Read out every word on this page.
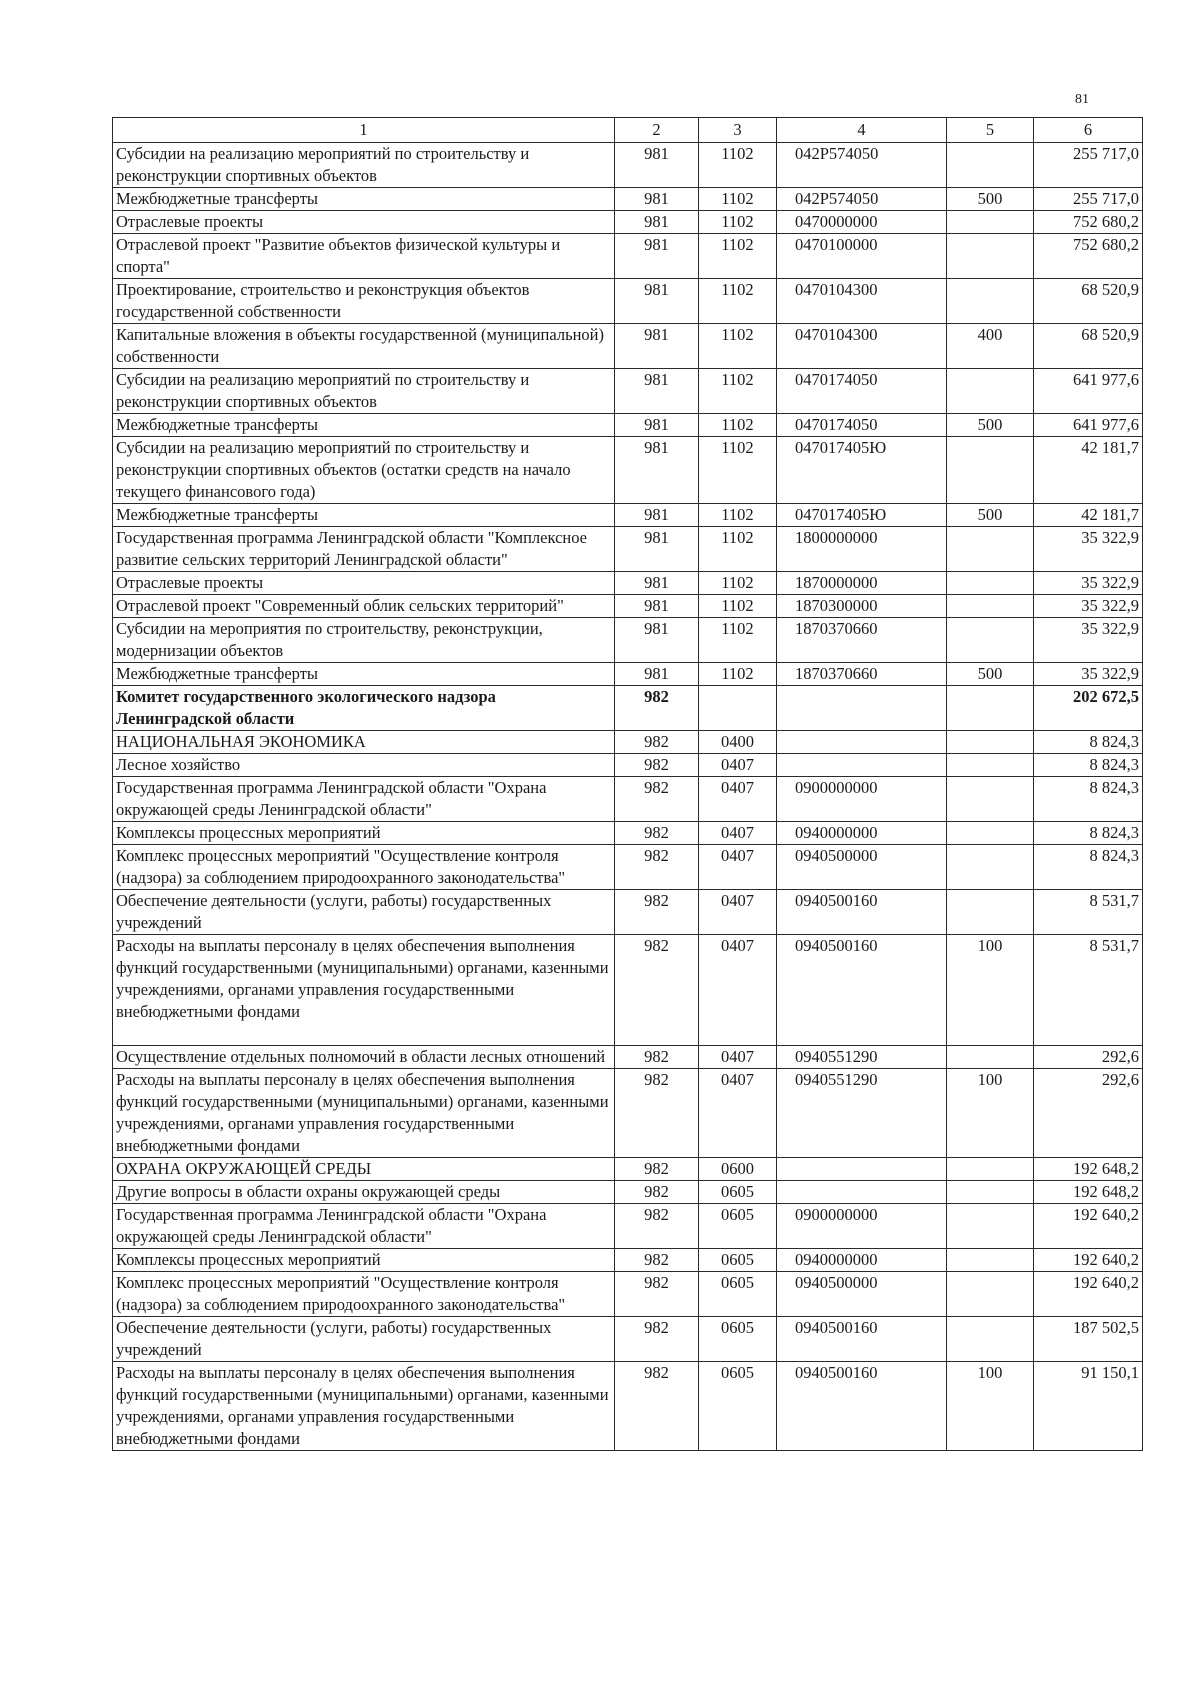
81
1	2	3	4	5	6
Субсидии на реализацию мероприятий по строительству и реконструкции спортивных объектов	981	1102	042P574050		255 717,0
Межбюджетные трансферты	981	1102	042P574050	500	255 717,0
Отраслевые проекты	981	1102	0470000000		752 680,2
Отраслевой проект "Развитие объектов физической культуры и спорта"	981	1102	0470100000		752 680,2
Проектирование, строительство и реконструкция объектов государственной собственности	981	1102	0470104300		68 520,9
Капитальные вложения в объекты государственной (муниципальной) собственности	981	1102	0470104300	400	68 520,9
Субсидии на реализацию мероприятий по строительству и реконструкции спортивных объектов	981	1102	0470174050		641 977,6
Межбюджетные трансферты	981	1102	0470174050	500	641 977,6
Субсидии на реализацию мероприятий по строительству и реконструкции спортивных объектов (остатки средств на начало текущего финансового года)	981	1102	047017405Ю		42 181,7
Межбюджетные трансферты	981	1102	047017405Ю	500	42 181,7
Государственная программа Ленинградской области "Комплексное развитие сельских территорий Ленинградской области"	981	1102	1800000000		35 322,9
Отраслевые проекты	981	1102	1870000000		35 322,9
Отраслевой проект "Современный облик сельских территорий"	981	1102	1870300000		35 322,9
Субсидии на мероприятия по строительству, реконструкции, модернизации объектов	981	1102	1870370660		35 322,9
Межбюджетные трансферты	981	1102	1870370660	500	35 322,9
Комитет государственного экологического надзора Ленинградской области	982				202 672,5
НАЦИОНАЛЬНАЯ ЭКОНОМИКА	982	0400			8 824,3
Лесное хозяйство	982	0407			8 824,3
Государственная программа Ленинградской области "Охрана окружающей среды Ленинградской области"	982	0407	0900000000		8 824,3
Комплексы процессных мероприятий	982	0407	0940000000		8 824,3
Комплекс процессных мероприятий "Осуществление контроля (надзора) за соблюдением природоохранного законодательства"	982	0407	0940500000		8 824,3
Обеспечение деятельности (услуги, работы) государственных учреждений	982	0407	0940500160		8 531,7
Расходы на выплаты персоналу в целях обеспечения выполнения функций государственными (муниципальными) органами, казенными учреждениями, органами управления государственными внебюджетными фондами	982	0407	0940500160	100	8 531,7
Осуществление отдельных полномочий в области лесных отношений	982	0407	0940551290		292,6
Расходы на выплаты персоналу в целях обеспечения выполнения функций государственными (муниципальными) органами, казенными учреждениями, органами управления государственными внебюджетными фондами	982	0407	0940551290	100	292,6
ОХРАНА ОКРУЖАЮЩЕЙ СРЕДЫ	982	0600			192 648,2
Другие вопросы в области охраны окружающей среды	982	0605			192 648,2
Государственная программа Ленинградской области "Охрана окружающей среды Ленинградской области"	982	0605	0900000000		192 640,2
Комплексы процессных мероприятий	982	0605	0940000000		192 640,2
Комплекс процессных мероприятий "Осуществление контроля (надзора) за соблюдением природоохранного законодательства"	982	0605	0940500000		192 640,2
Обеспечение деятельности (услуги, работы) государственных учреждений	982	0605	0940500160		187 502,5
Расходы на выплаты персоналу в целях обеспечения выполнения функций государственными (муниципальными) органами, казенными учреждениями, органами управления государственными внебюджетными фондами	982	0605	0940500160	100	91 150,1
